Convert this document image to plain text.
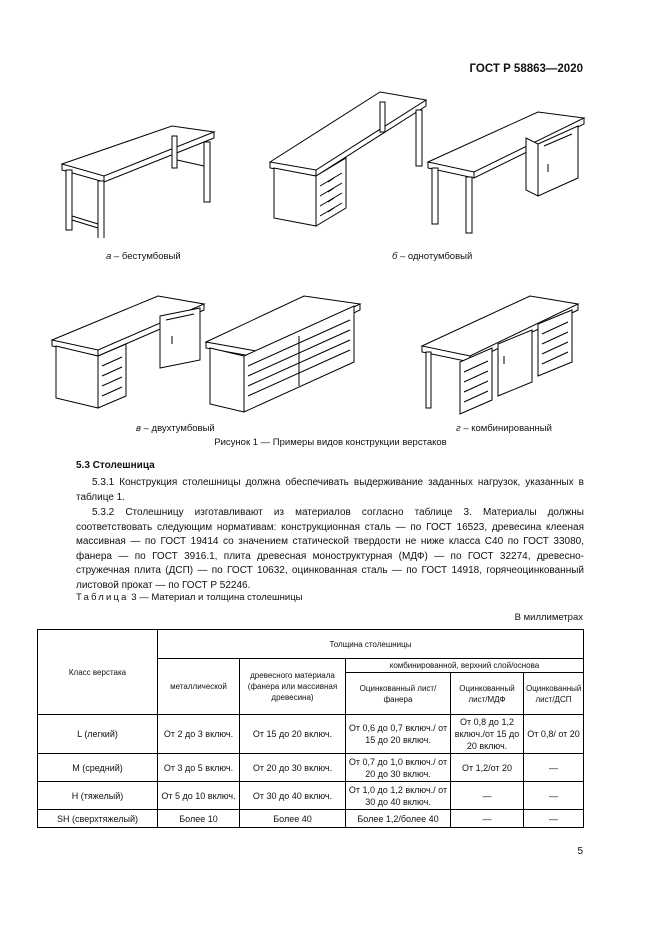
ГОСТ Р 58863—2020
а – бестумбовый	б – однотумбовый
в – двухтумбовый	г – комбинированный
Рисунок 1 — Примеры видов конструкции верстаков
5.3 Столешница
5.3.1 Конструкция столешницы должна обеспечивать выдерживание заданных нагрузок, указанных в таблице 1.
5.3.2 Столешницу изготавливают из материалов согласно таблице 3. Материалы должны соответствовать следующим нормативам: конструкционная сталь — по ГОСТ 16523, древесина клееная массивная — по ГОСТ 19414 со значением статической твердости не ниже класса С40 по ГОСТ 33080, фанера — по ГОСТ 3916.1, плита древесная моноструктурная (МДФ) — по ГОСТ 32274, древесно-стружечная плита (ДСП) — по ГОСТ 10632, оцинкованная сталь — по ГОСТ 14918, горячеоцинкованный листовой прокат — по ГОСТ Р 52246.
Таблица 3 — Материал и толщина столешницы
В миллиметрах
Класс верстака	Толщина столешницы				
	металлической	древесного материала (фанера или массивная древесина)	комбинированной, верхний слой/основа		
			Оцинкованный лист/фанера	Оцинкованный лист/МДФ	Оцинкованный лист/ДСП
L (легкий)	От 2 до 3 включ.	От 15 до 20 включ.	От 0,6 до 0,7 включ./ от 15 до 20 включ.	От 0,8 до 1,2 включ./от 15 до 20 включ.	От 0,8/ от 20
М (средний)	От 3 до 5 включ.	От 20 до 30 включ.	От 0,7 до 1,0 включ./ от 20 до 30 включ.	От 1,2/от 20	—
Н (тяжелый)	От 5 до 10 включ.	От 30 до 40 включ.	От 1,0 до 1,2 включ./ от 30 до 40 включ.	—	—
SH (сверхтяжелый)	Более 10	Более 40	Более 1,2/более 40	—	—
5
